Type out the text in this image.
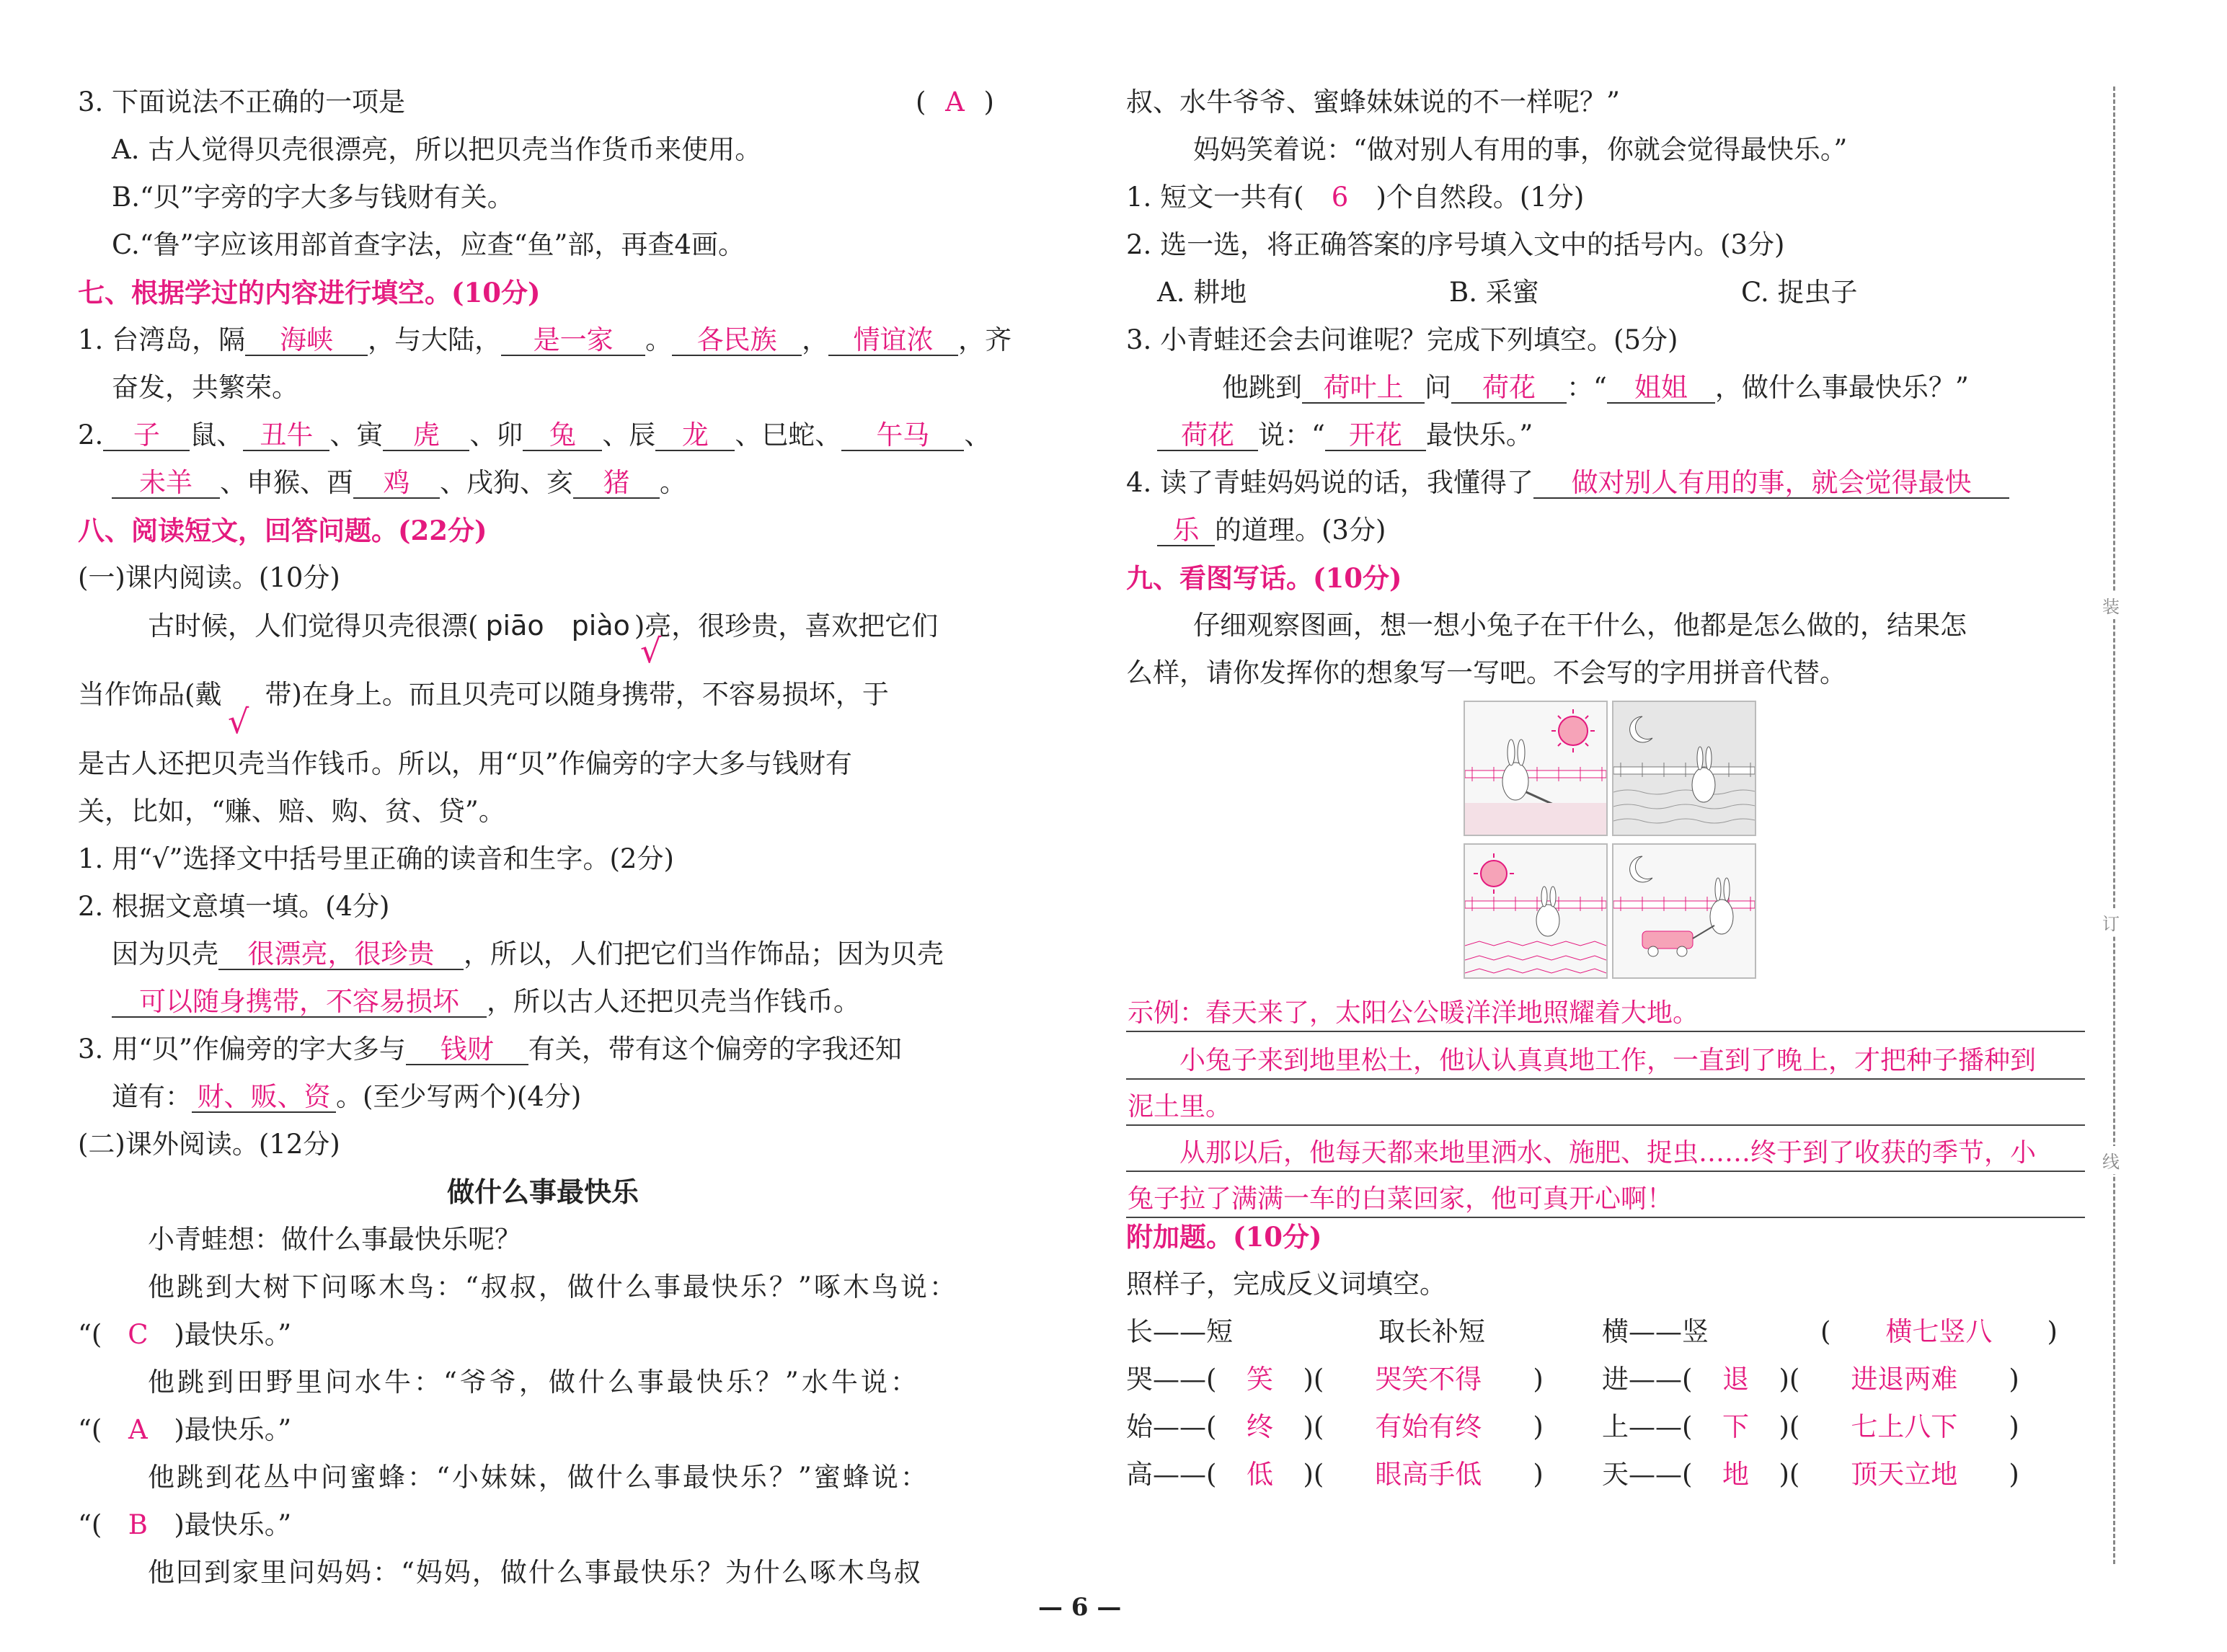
3. 下面说法不正确的一项是	( A )
A. 古人觉得贝壳很漂亮，所以把贝壳当作货币来使用。
B.“贝”字旁的字大多与钱财有关。
C.“鲁”字应该用部首查字法，应查“鱼”部，再查4画。
七、根据学过的内容进行填空。(10分)
1. 台湾岛，隔 海峡 ，与大陆， 是一家 。 各民族 ， 情谊浓 ，齐
奋发，共繁荣。
2. 子 鼠、 丑牛 、寅 虎 、卯 兔 、辰 龙 、巳蛇、 午马 、
未羊 、申猴、酉 鸡 、戌狗、亥 猪 。
八、阅读短文，回答问题。(22分)
(一)课内阅读。(10分)
古时候，人们觉得贝壳很漂( piāo piào )亮，很珍贵，喜欢把它们
√
当作饰品(戴 带)在身上。而且贝壳可以随身携带，不容易损坏，于
√
是古人还把贝壳当作钱币。所以，用“贝”作偏旁的字大多与钱财有
关，比如，“赚、赔、购、贫、贷”。
1. 用“√”选择文中括号里正确的读音和生字。(2分)
2. 根据文意填一填。(4分)
因为贝壳 很漂亮，很珍贵 ，所以，人们把它们当作饰品；因为贝壳
可以随身携带，不容易损坏 ，所以古人还把贝壳当作钱币。
3. 用“贝”作偏旁的字大多与 钱财 有关，带有这个偏旁的字我还知
道有： 财、贩、资 。(至少写两个)(4分)
(二)课外阅读。(12分)
做什么事最快乐
小青蛙想：做什么事最快乐呢？
他跳到大树下问啄木鸟：“叔叔，做什么事最快乐？”啄木鸟说：
“( C )最快乐。”
他跳到田野里问水牛：“爷爷，做什么事最快乐？”水牛说：
“( A )最快乐。”
他跳到花丛中问蜜蜂：“小妹妹，做什么事最快乐？”蜜蜂说：
“( B )最快乐。”
他回到家里问妈妈：“妈妈，做什么事最快乐？为什么啄木鸟叔
叔、水牛爷爷、蜜蜂妹妹说的不一样呢？”
妈妈笑着说：“做对别人有用的事，你就会觉得最快乐。”
1. 短文一共有( 6 )个自然段。(1分)
2. 选一选，将正确答案的序号填入文中的括号内。(3分)
A. 耕地	B. 采蜜	C. 捉虫子
3. 小青蛙还会去问谁呢？完成下列填空。(5分)
他跳到 荷叶上 问 荷花 ：“ 姐姐 ，做什么事最快乐？”
荷花 说：“ 开花 最快乐。”
4. 读了青蛙妈妈说的话，我懂得了 做对别人有用的事，就会觉得最快
乐 的道理。(3分)
九、看图写话。(10分)
仔细观察图画，想一想小兔子在干什么，他都是怎么做的，结果怎
么样，请你发挥你的想象写一写吧。不会写的字用拼音代替。
示例：春天来了，太阳公公暖洋洋地照耀着大地。
　　小兔子来到地里松土，他认认真真地工作，一直到了晚上，才把种子播种到
泥土里。
　　从那以后，他每天都来地里洒水、施肥、捉虫……终于到了收获的季节，小
兔子拉了满满一车的白菜回家，他可真开心啊！
附加题。(10分)
照样子，完成反义词填空。
长——短	取长补短	横——竖	( 横七竖八 )
哭——( 笑 )( 哭笑不得 ) 进——( 退 )( 进退两难 )
始——( 终 )( 有始有终 ) 上——( 下 )( 七上八下 )
高——( 低 )( 眼高手低 ) 天——( 地 )( 顶天立地 )
装
订
线
— 6 —
